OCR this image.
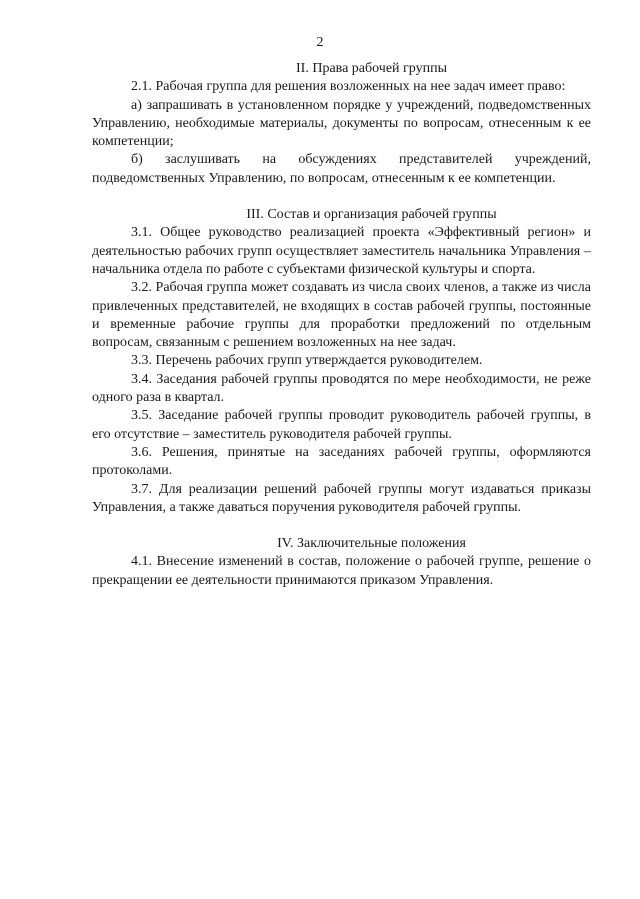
2
II. Права рабочей группы

2.1. Рабочая группа для решения возложенных на нее задач имеет право:

а) запрашивать в установленном порядке у учреждений, подведомственных Управлению, необходимые материалы, документы по вопросам, отнесенным к ее компетенции;

б) заслушивать на обсуждениях представителей учреждений, подведомственных Управлению, по вопросам, отнесенным к ее компетенции.

III. Состав и организация рабочей группы

3.1. Общее руководство реализацией проекта «Эффективный регион» и деятельностью рабочих групп осуществляет заместитель начальника Управления – начальника отдела по работе с субъектами физической культуры и спорта.

3.2. Рабочая группа может создавать из числа своих членов, а также из числа привлеченных представителей, не входящих в состав рабочей группы, постоянные и временные рабочие группы для проработки предложений по отдельным вопросам, связанным с решением возложенных на нее задач.

3.3. Перечень рабочих групп утверждается руководителем.

3.4. Заседания рабочей группы проводятся по мере необходимости, не реже одного раза в квартал.

3.5. Заседание рабочей группы проводит руководитель рабочей группы, в его отсутствие – заместитель руководителя рабочей группы.

3.6. Решения, принятые на заседаниях рабочей группы, оформляются протоколами.

3.7. Для реализации решений рабочей группы могут издаваться приказы Управления, а также даваться поручения руководителя рабочей группы.

IV. Заключительные положения

4.1. Внесение изменений в состав, положение о рабочей группе, решение о прекращении ее деятельности принимаются приказом Управления.
